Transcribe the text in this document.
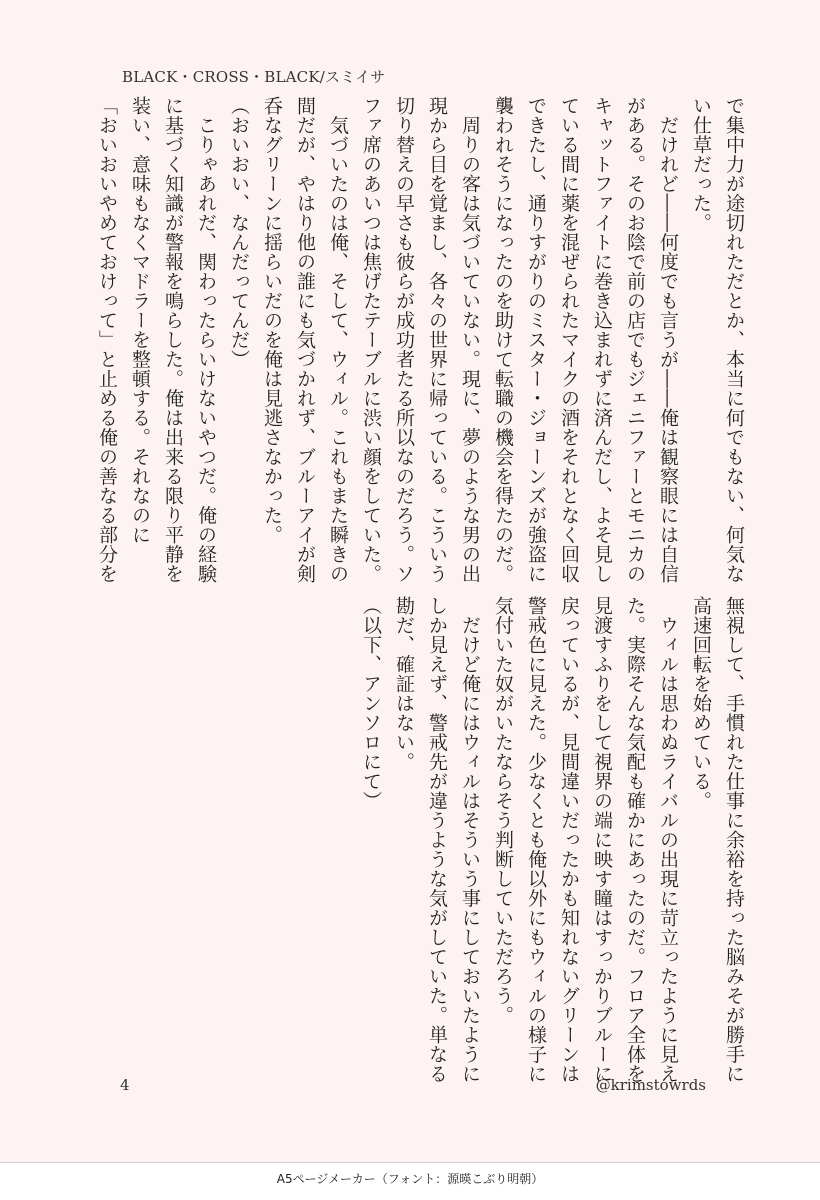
BLACK・CROSS・BLACK/スミイサ
で集中力が途切れただとか、本当に何でもない、何気な
い仕草だった。
　だけれど――何度でも言うが――俺は観察眼には自信
がある。そのお陰で前の店でもジェニファーとモニカの
キャットファイトに巻き込まれずに済んだし、よそ見し
ている間に薬を混ぜられたマイクの酒をそれとなく回収
できたし、通りすがりのミスター・ジョーンズが強盗に
襲われそうになったのを助けて転職の機会を得たのだ。
　周りの客は気づいていない。現に、夢のような男の出
現から目を覚まし、各々の世界に帰っている。こういう
切り替えの早さも彼らが成功者たる所以なのだろう。ソ
ファ席のあいつは焦げたテーブルに渋い顔をしていた。
　気づいたのは俺、そして、ウィル。これもまた瞬きの
間だが、やはり他の誰にも気づかれず、ブルーアイが剣
呑なグリーンに揺らいだのを俺は見逃さなかった。
（おいおい、なんだってんだ）
　こりゃあれだ、関わったらいけないやつだ。俺の経験
に基づく知識が警報を鳴らした。俺は出来る限り平静を
装い、意味もなくマドラーを整頓する。それなのに
「おいおいやめておけって」と止める俺の善なる部分を
無視して、手慣れた仕事に余裕を持った脳みそが勝手に
高速回転を始めている。
　ウィルは思わぬライバルの出現に苛立ったように見え
た。実際そんな気配も確かにあったのだ。フロア全体を
見渡すふりをして視界の端に映す瞳はすっかりブルーに
戻っているが、見間違いだったかも知れないグリーンは
警戒色に見えた。少なくとも俺以外にもウィルの様子に
気付いた奴がいたならそう判断していただろう。
　だけど俺にはウィルはそういう事にしておいたように
しか見えず、警戒先が違うような気がしていた。単なる
勘だ、確証はない。
（以下、アンソロにて）
4	@krimstowrds
A5ページメーカー（フォント：源暎こぶり明朝）
